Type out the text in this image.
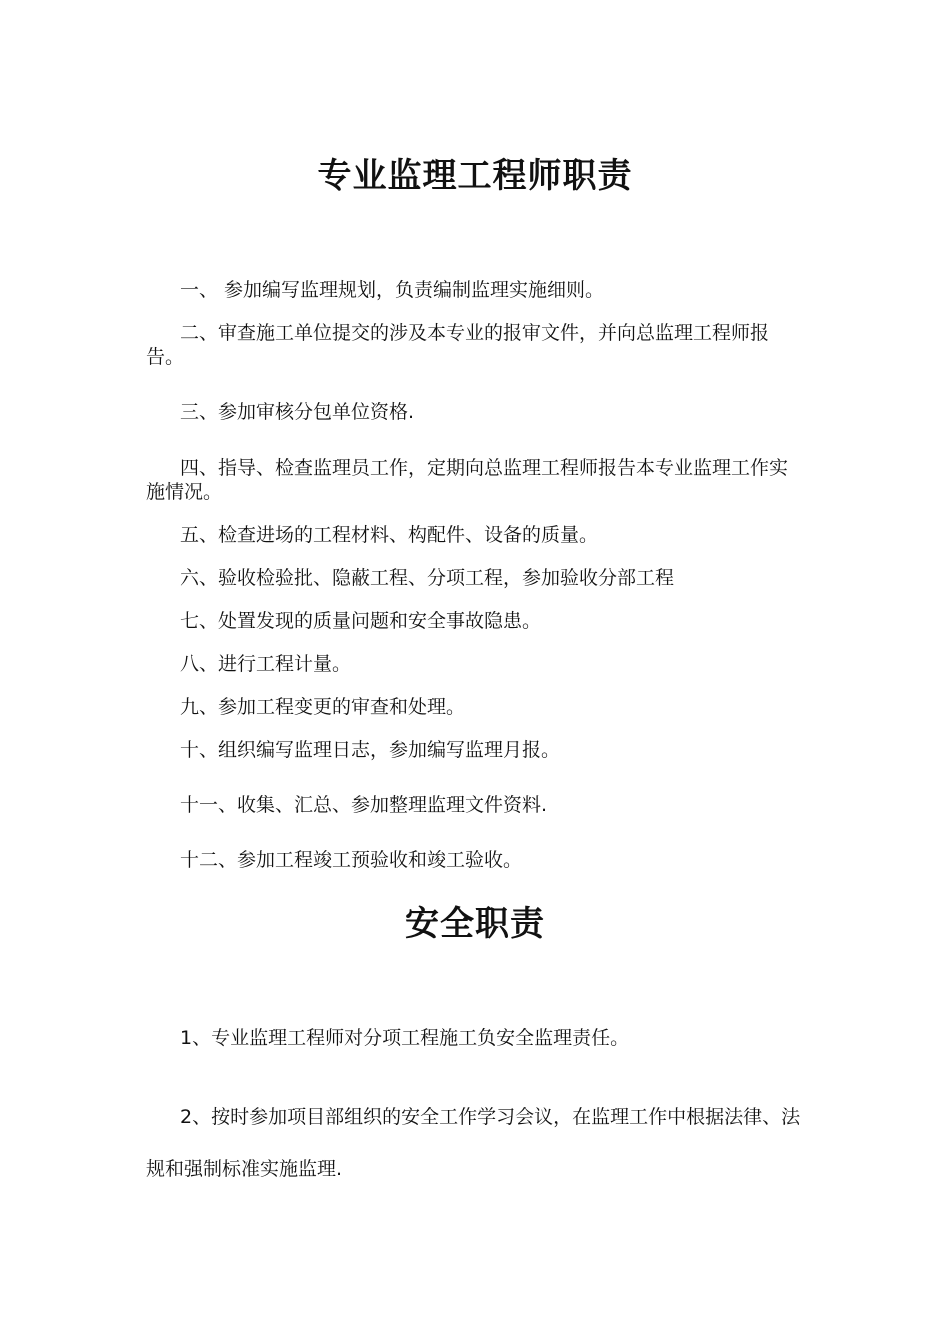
专业监理工程师职责

一、 参加编写监理规划，负责编制监理实施细则。

二、审查施工单位提交的涉及本专业的报审文件，并向总监理工程师报告。

三、参加审核分包单位资格.

四、指导、检查监理员工作，定期向总监理工程师报告本专业监理工作实施情况。

五、检查进场的工程材料、构配件、设备的质量。

六、验收检验批、隐蔽工程、分项工程，参加验收分部工程

七、处置发现的质量问题和安全事故隐患。

八、进行工程计量。

九、参加工程变更的审查和处理。

十、组织编写监理日志，参加编写监理月报。

十一、收集、汇总、参加整理监理文件资料.

十二、参加工程竣工预验收和竣工验收。

安全职责

1、专业监理工程师对分项工程施工负安全监理责任。

2、按时参加项目部组织的安全工作学习会议，在监理工作中根据法律、法规和强制标准实施监理.
